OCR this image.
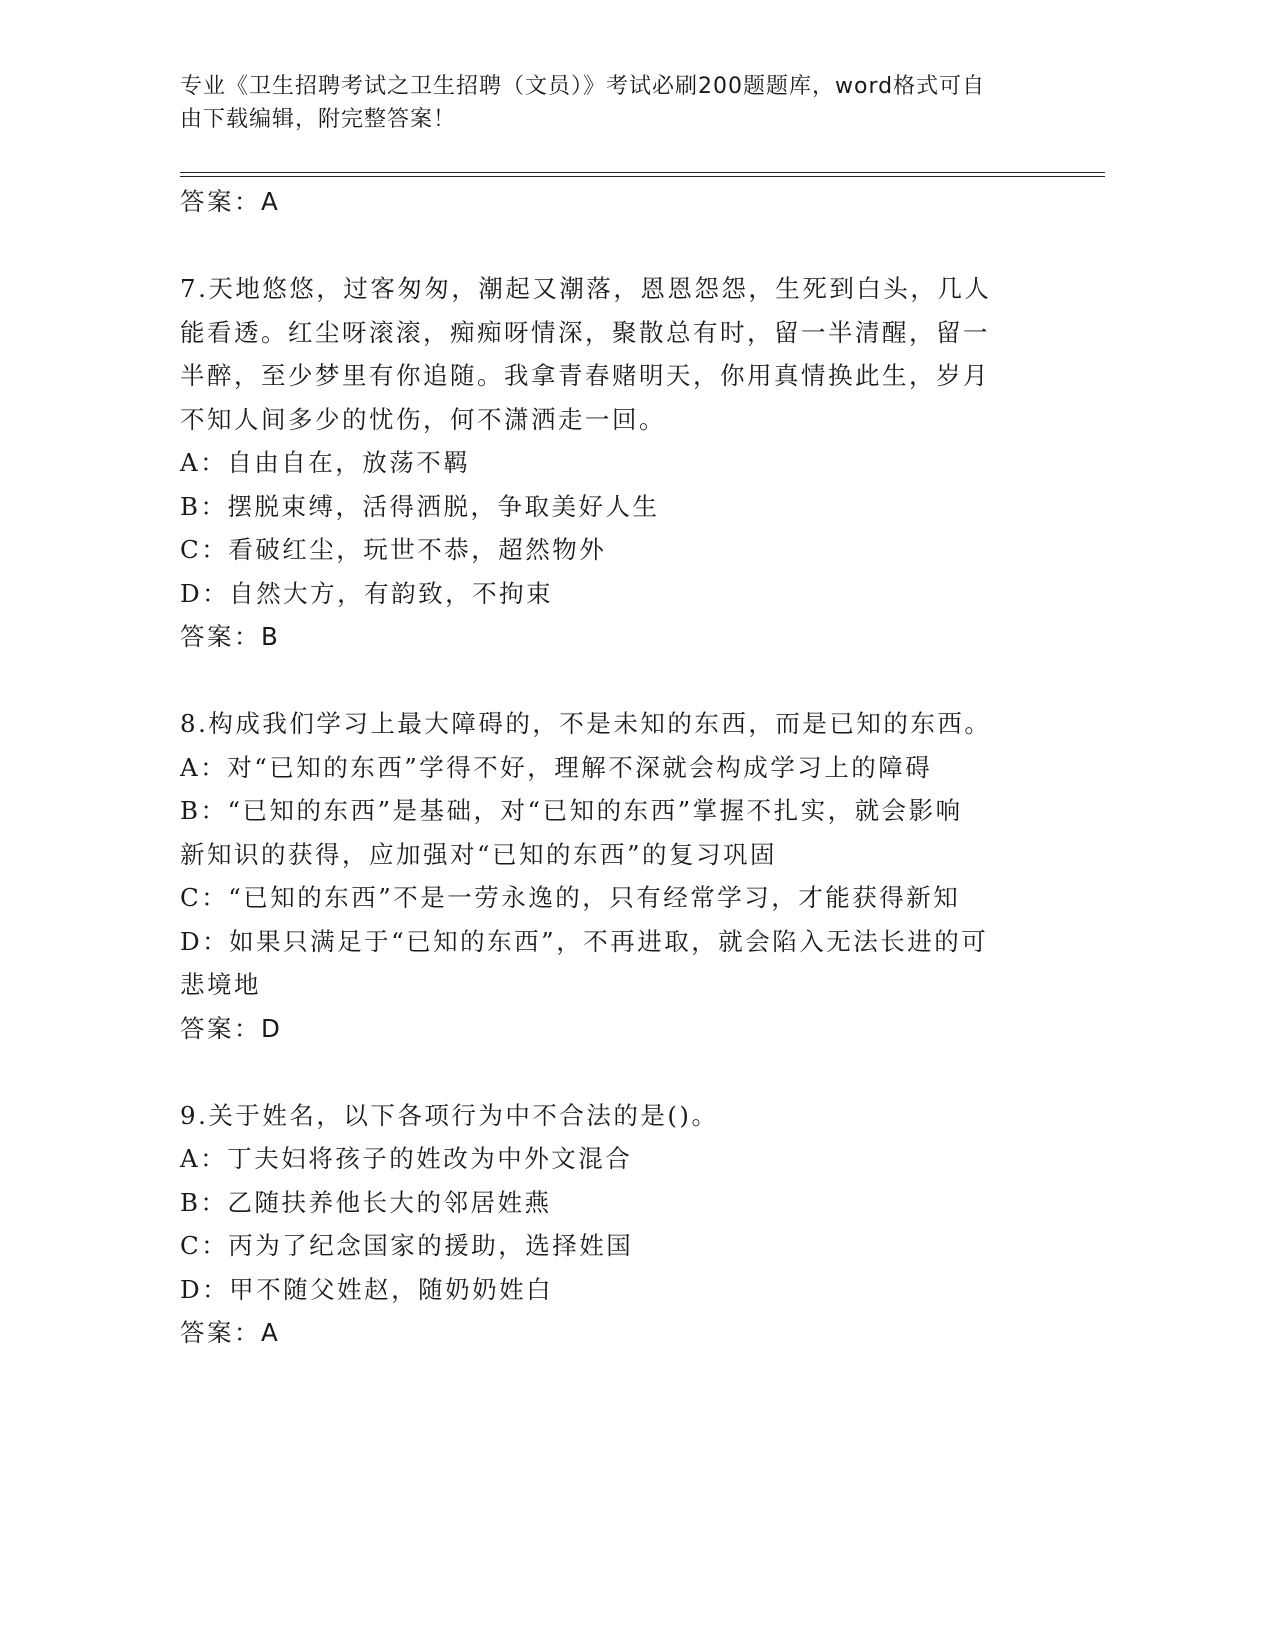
专业《卫生招聘考试之卫生招聘（文员）》考试必刷200题题库，word格式可自
由下载编辑，附完整答案！
答案：A
7.天地悠悠，过客匆匆，潮起又潮落，恩恩怨怨，生死到白头，几人
能看透。红尘呀滚滚，痴痴呀情深，聚散总有时，留一半清醒，留一
半醉，至少梦里有你追随。我拿青春赌明天，你用真情换此生，岁月
不知人间多少的忧伤，何不潇洒走一回。
A：自由自在，放荡不羁
B：摆脱束缚，活得洒脱，争取美好人生
C：看破红尘，玩世不恭，超然物外
D：自然大方，有韵致，不拘束
答案：B
8.构成我们学习上最大障碍的，不是未知的东西，而是已知的东西。
A：对“已知的东西”学得不好，理解不深就会构成学习上的障碍
B：“已知的东西”是基础，对“已知的东西”掌握不扎实，就会影响
新知识的获得，应加强对“已知的东西”的复习巩固
C：“已知的东西”不是一劳永逸的，只有经常学习，才能获得新知
D：如果只满足于“已知的东西”，不再进取，就会陷入无法长进的可
悲境地
答案：D
9.关于姓名，以下各项行为中不合法的是()。
A：丁夫妇将孩子的姓改为中外文混合
B：乙随扶养他长大的邻居姓燕
C：丙为了纪念国家的援助，选择姓国
D：甲不随父姓赵，随奶奶姓白
答案：A
